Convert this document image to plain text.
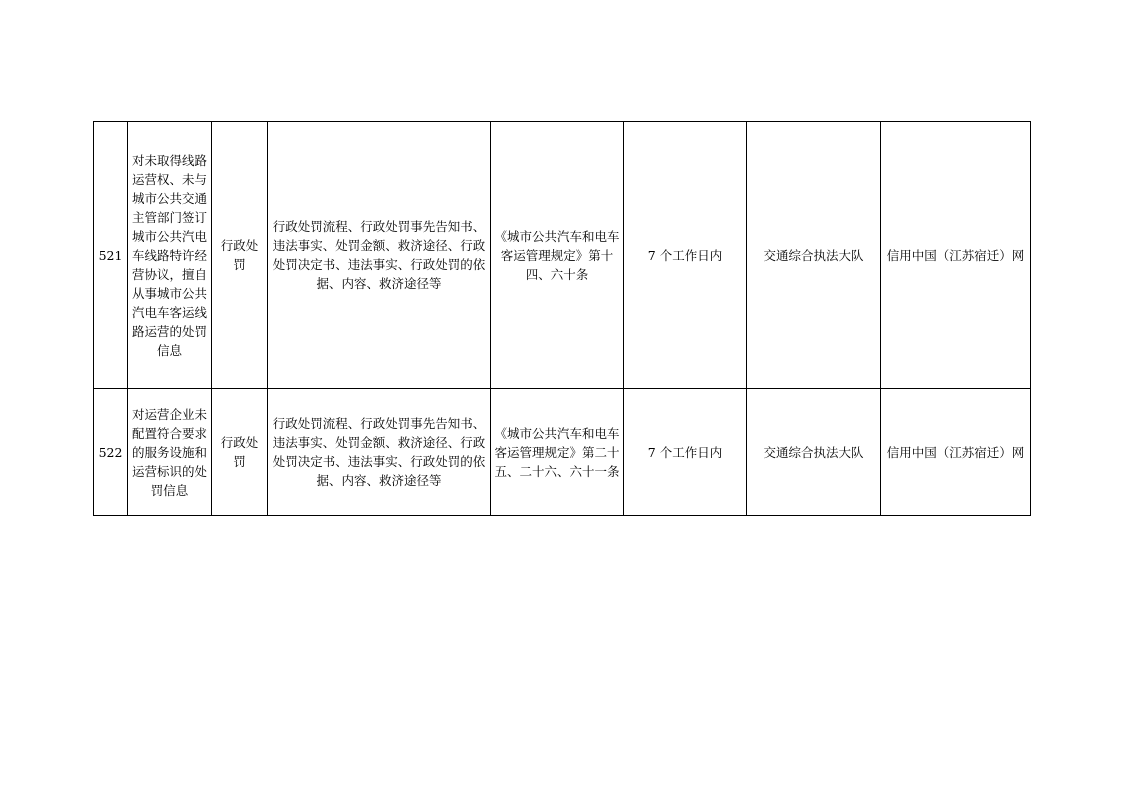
521	对未取得线路运营权、未与城市公共交通主管部门签订城市公共汽电车线路特许经营协议，擅自从事城市公共汽电车客运线路运营的处罚信息	行政处罚	行政处罚流程、行政处罚事先告知书、违法事实、处罚金额、救济途径、行政处罚决定书、违法事实、行政处罚的依据、内容、救济途径等	《城市公共汽车和电车客运管理规定》第十四、六十条	7 个工作日内	交通综合执法大队	信用中国（江苏宿迁）网
522	对运营企业未配置符合要求的服务设施和运营标识的处罚信息	行政处罚	行政处罚流程、行政处罚事先告知书、违法事实、处罚金额、救济途径、行政处罚决定书、违法事实、行政处罚的依据、内容、救济途径等	《城市公共汽车和电车客运管理规定》第二十五、二十六、六十一条	7 个工作日内	交通综合执法大队	信用中国（江苏宿迁）网
